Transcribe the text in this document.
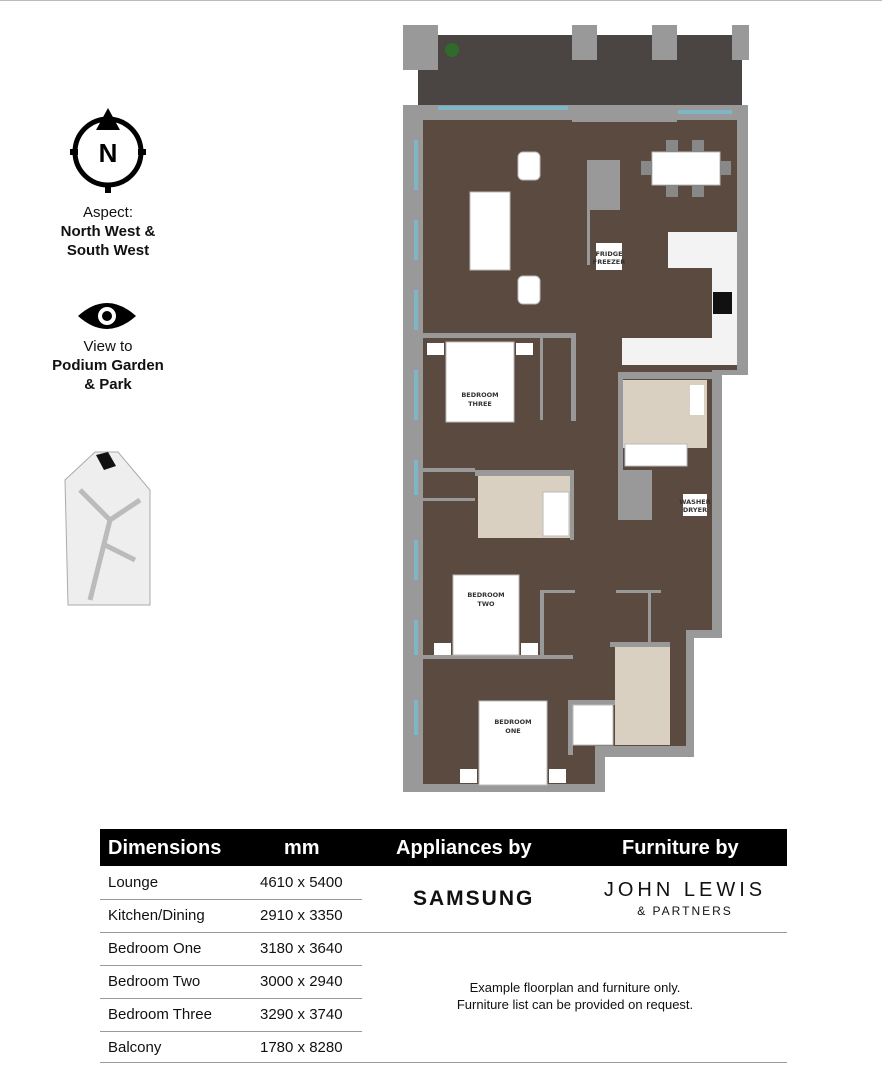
N
FRIDGE
FREEZER
WASHER
DRYER
BEDROOM
THREE
BEDROOM
TWO
BEDROOM
ONE
Aspect:
North West &
South West
View to
Podium Garden
& Park
Dimensions	mm	Appliances by	Furniture by
Lounge	4610 x 5400
Kitchen/Dining	2910 x 3350
Bedroom One	3180 x 3640
Bedroom Two	3000 x 2940
Bedroom Three	3290 x 3740
Balcony	1780 x 8280
SAMSUNG	JOHN LEWIS
& PARTNERS
Example floorplan and furniture only.
Furniture list can be provided on request.
